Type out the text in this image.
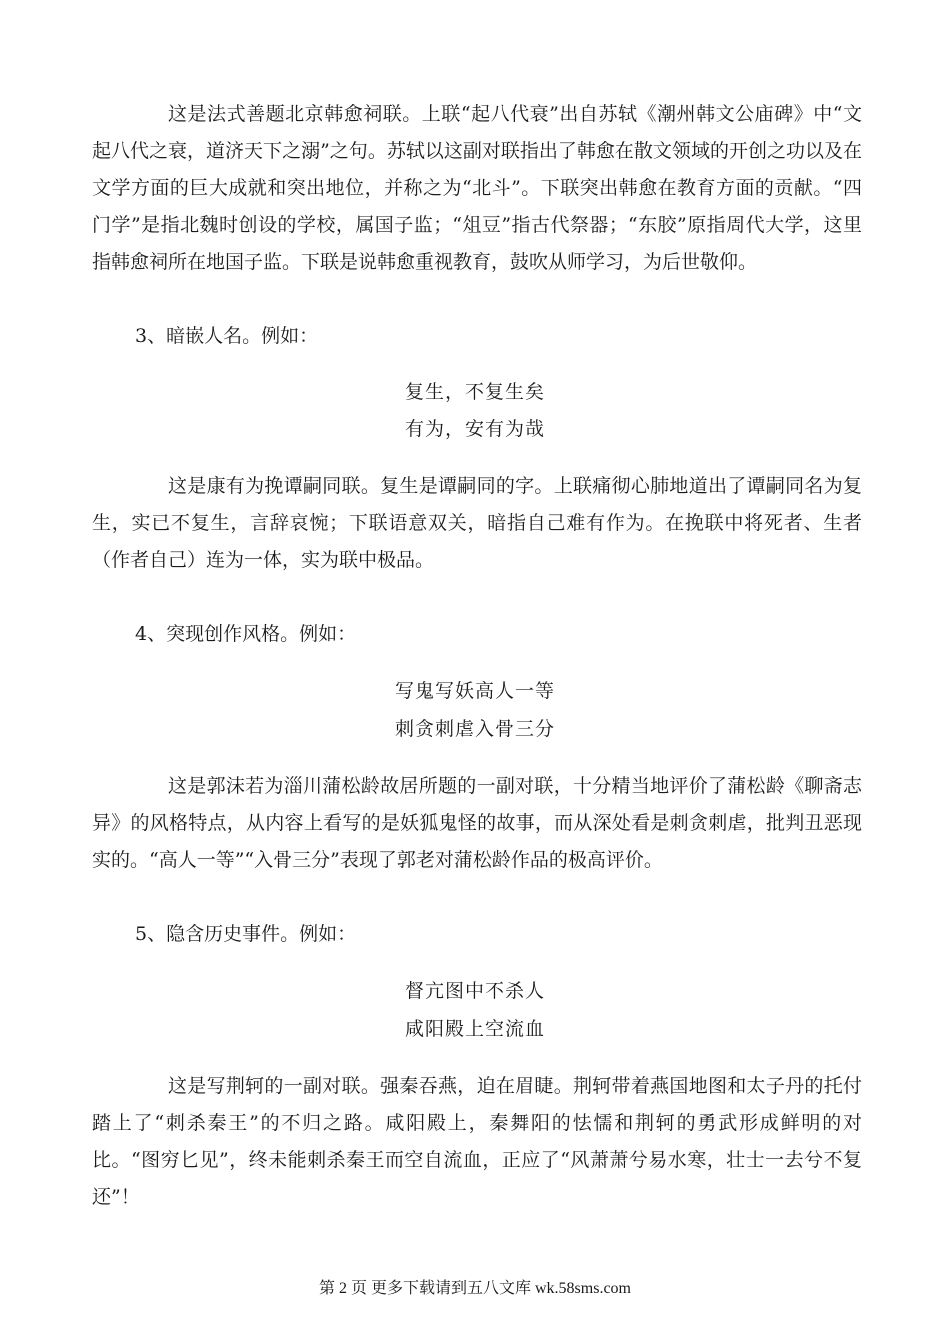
这是法式善题北京韩愈祠联。上联“起八代衰”出自苏轼《潮州韩文公庙碑》中“文起八代之衰，道济天下之溺”之句。苏轼以这副对联指出了韩愈在散文领域的开创之功以及在文学方面的巨大成就和突出地位，并称之为“北斗”。下联突出韩愈在教育方面的贡献。“四门学”是指北魏时创设的学校，属国子监；“俎豆”指古代祭器；“东胶”原指周代大学，这里指韩愈祠所在地国子监。下联是说韩愈重视教育，鼓吹从师学习，为后世敬仰。

3、暗嵌人名。例如：

复生，不复生矣

有为，安有为哉

这是康有为挽谭嗣同联。复生是谭嗣同的字。上联痛彻心肺地道出了谭嗣同名为复生，实已不复生，言辞哀惋；下联语意双关，暗指自己难有作为。在挽联中将死者、生者（作者自己）连为一体，实为联中极品。

4、突现创作风格。例如：

写鬼写妖高人一等

刺贪刺虐入骨三分

这是郭沫若为淄川蒲松龄故居所题的一副对联，十分精当地评价了蒲松龄《聊斋志异》的风格特点，从内容上看写的是妖狐鬼怪的故事，而从深处看是刺贪刺虐，批判丑恶现实的。“高人一等”“入骨三分”表现了郭老对蒲松龄作品的极高评价。

5、隐含历史事件。例如：

督亢图中不杀人

咸阳殿上空流血

这是写荆轲的一副对联。强秦吞燕，迫在眉睫。荆轲带着燕国地图和太子丹的托付踏上了“刺杀秦王”的不归之路。咸阳殿上，秦舞阳的怯懦和荆轲的勇武形成鲜明的对比。“图穷匕见”，终未能刺杀秦王而空自流血，正应了“风萧萧兮易水寒，壮士一去兮不复还”！

第 2 页 更多下载请到五八文库 wk.58sms.com
